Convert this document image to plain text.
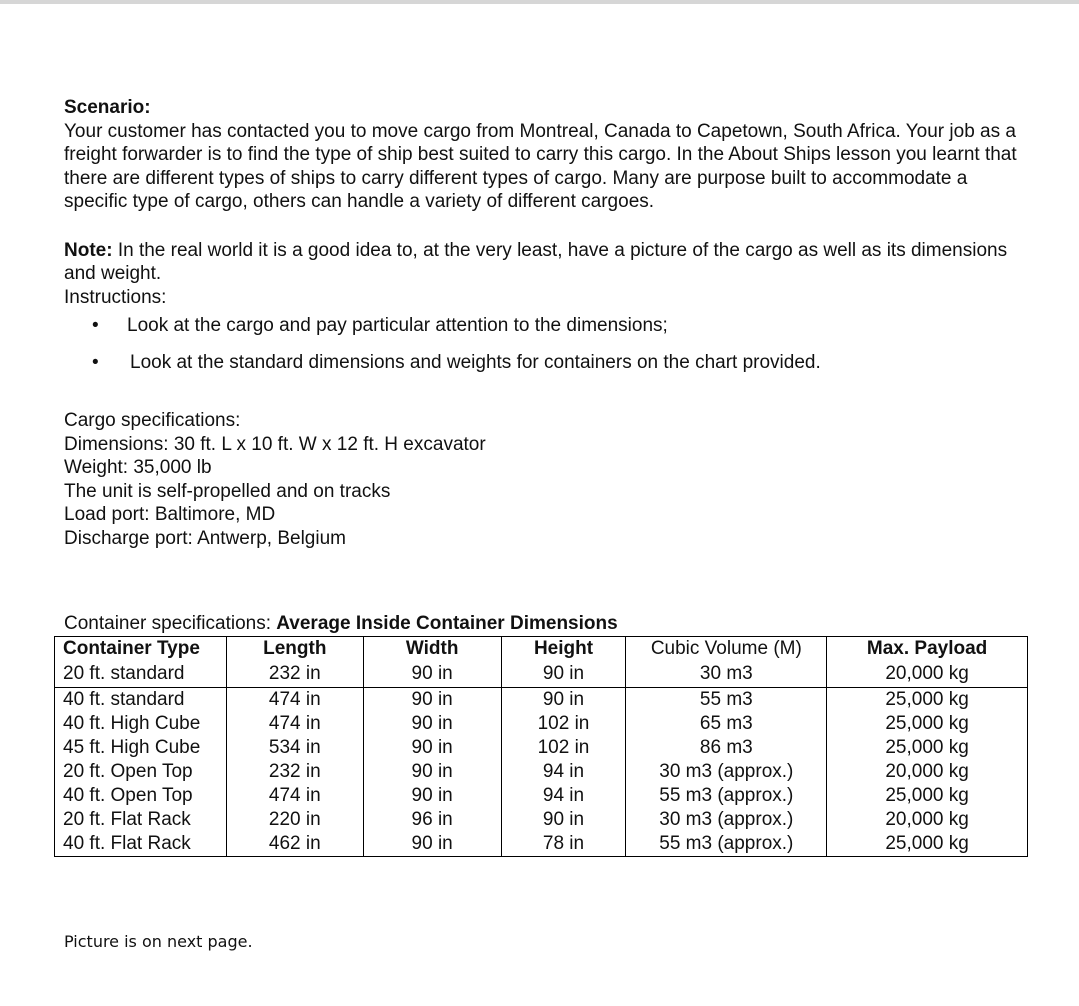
Scenario:

Your customer has contacted you to move cargo from Montreal, Canada to Capetown, South Africa. Your job as a freight forwarder is to find the type of ship best suited to carry this cargo. In the About Ships lesson you learnt that there are different types of ships to carry different types of cargo. Many are purpose built to accommodate a specific type of cargo, others can handle a variety of different cargoes.

Note: In the real world it is a good idea to, at the very least, have a picture of the cargo as well as its dimensions and weight.

Instructions:

• Look at the cargo and pay particular attention to the dimensions;
• Look at the standard dimensions and weights for containers on the chart provided.

Cargo specifications:

Dimensions: 30 ft. L x 10 ft. W x 12 ft. H excavator

Weight: 35,000 lb

The unit is self-propelled and on tracks

Load port: Baltimore, MD

Discharge port: Antwerp, Belgium

Container specifications: Average Inside Container Dimensions
Container Type	Length	Width	Height	Cubic Volume (M)	Max. Payload
20 ft. standard	232 in	90 in	90 in	30 m3	20,000 kg
40 ft. standard	474 in	90 in	90 in	55 m3	25,000 kg
40 ft. High Cube	474 in	90 in	102 in	65 m3	25,000 kg
45 ft. High Cube	534 in	90 in	102 in	86 m3	25,000 kg
20 ft. Open Top	232 in	90 in	94 in	30 m3 (approx.)	20,000 kg
40 ft. Open Top	474 in	90 in	94 in	55 m3 (approx.)	25,000 kg
20 ft. Flat Rack	220 in	96 in	90 in	30 m3 (approx.)	20,000 kg
40 ft. Flat Rack	462 in	90 in	78 in	55 m3 (approx.)	25,000 kg
Picture is on next page.
